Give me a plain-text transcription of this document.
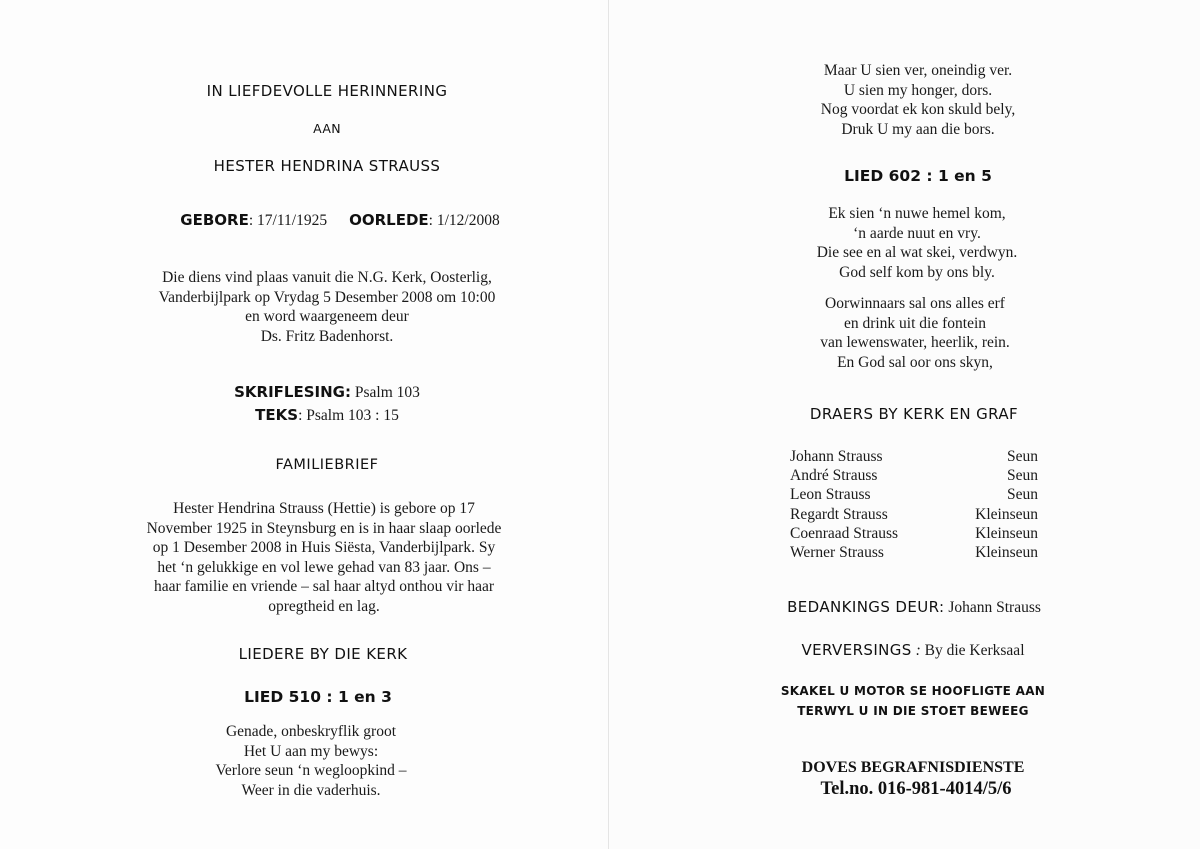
IN LIEFDEVOLLE HERINNERING
AAN
HESTER HENDRINA STRAUSS
GEBORE: 17/11/1925 OORLEDE: 1/12/2008
Die diens vind plaas vanuit die N.G. Kerk, Oosterlig,
Vanderbijlpark op Vrydag 5 Desember 2008 om 10:00
en word waargeneem deur
Ds. Fritz Badenhorst.
SKRIFLESING: Psalm 103
TEKS: Psalm 103 : 15
FAMILIEBRIEF
Hester Hendrina Strauss (Hettie) is gebore op 17
November 1925 in Steynsburg en is in haar slaap oorlede
op 1 Desember 2008 in Huis Siësta, Vanderbijlpark. Sy
het ‘n gelukkige en vol lewe gehad van 83 jaar. Ons –
haar familie en vriende – sal haar altyd onthou vir haar
opregtheid en lag.
LIEDERE BY DIE KERK
LIED 510 : 1 en 3
Genade, onbeskryflik groot
Het U aan my bewys:
Verlore seun ‘n wegloopkind –
Weer in die vaderhuis.
Maar U sien ver, oneindig ver.
U sien my honger, dors.
Nog voordat ek kon skuld bely,
Druk U my aan die bors.
LIED 602 : 1 en 5
Ek sien ‘n nuwe hemel kom,
‘n aarde nuut en vry.
Die see en al wat skei, verdwyn.
God self kom by ons bly.
Oorwinnaars sal ons alles erf
en drink uit die fontein
van lewenswater, heerlik, rein.
En God sal oor ons skyn,
DRAERS BY KERK EN GRAF
Johann Strauss	Seun
André Strauss	Seun
Leon Strauss	Seun
Regardt Strauss	Kleinseun
Coenraad Strauss	Kleinseun
Werner Strauss	Kleinseun
BEDANKINGS DEUR: Johann Strauss
VERVERSINGS : By die Kerksaal
SKAKEL U MOTOR SE HOOFLIGTE AAN
TERWYL U IN DIE STOET BEWEEG
DOVES BEGRAFNISDIENSTE
Tel.no. 016-981-4014/5/6
